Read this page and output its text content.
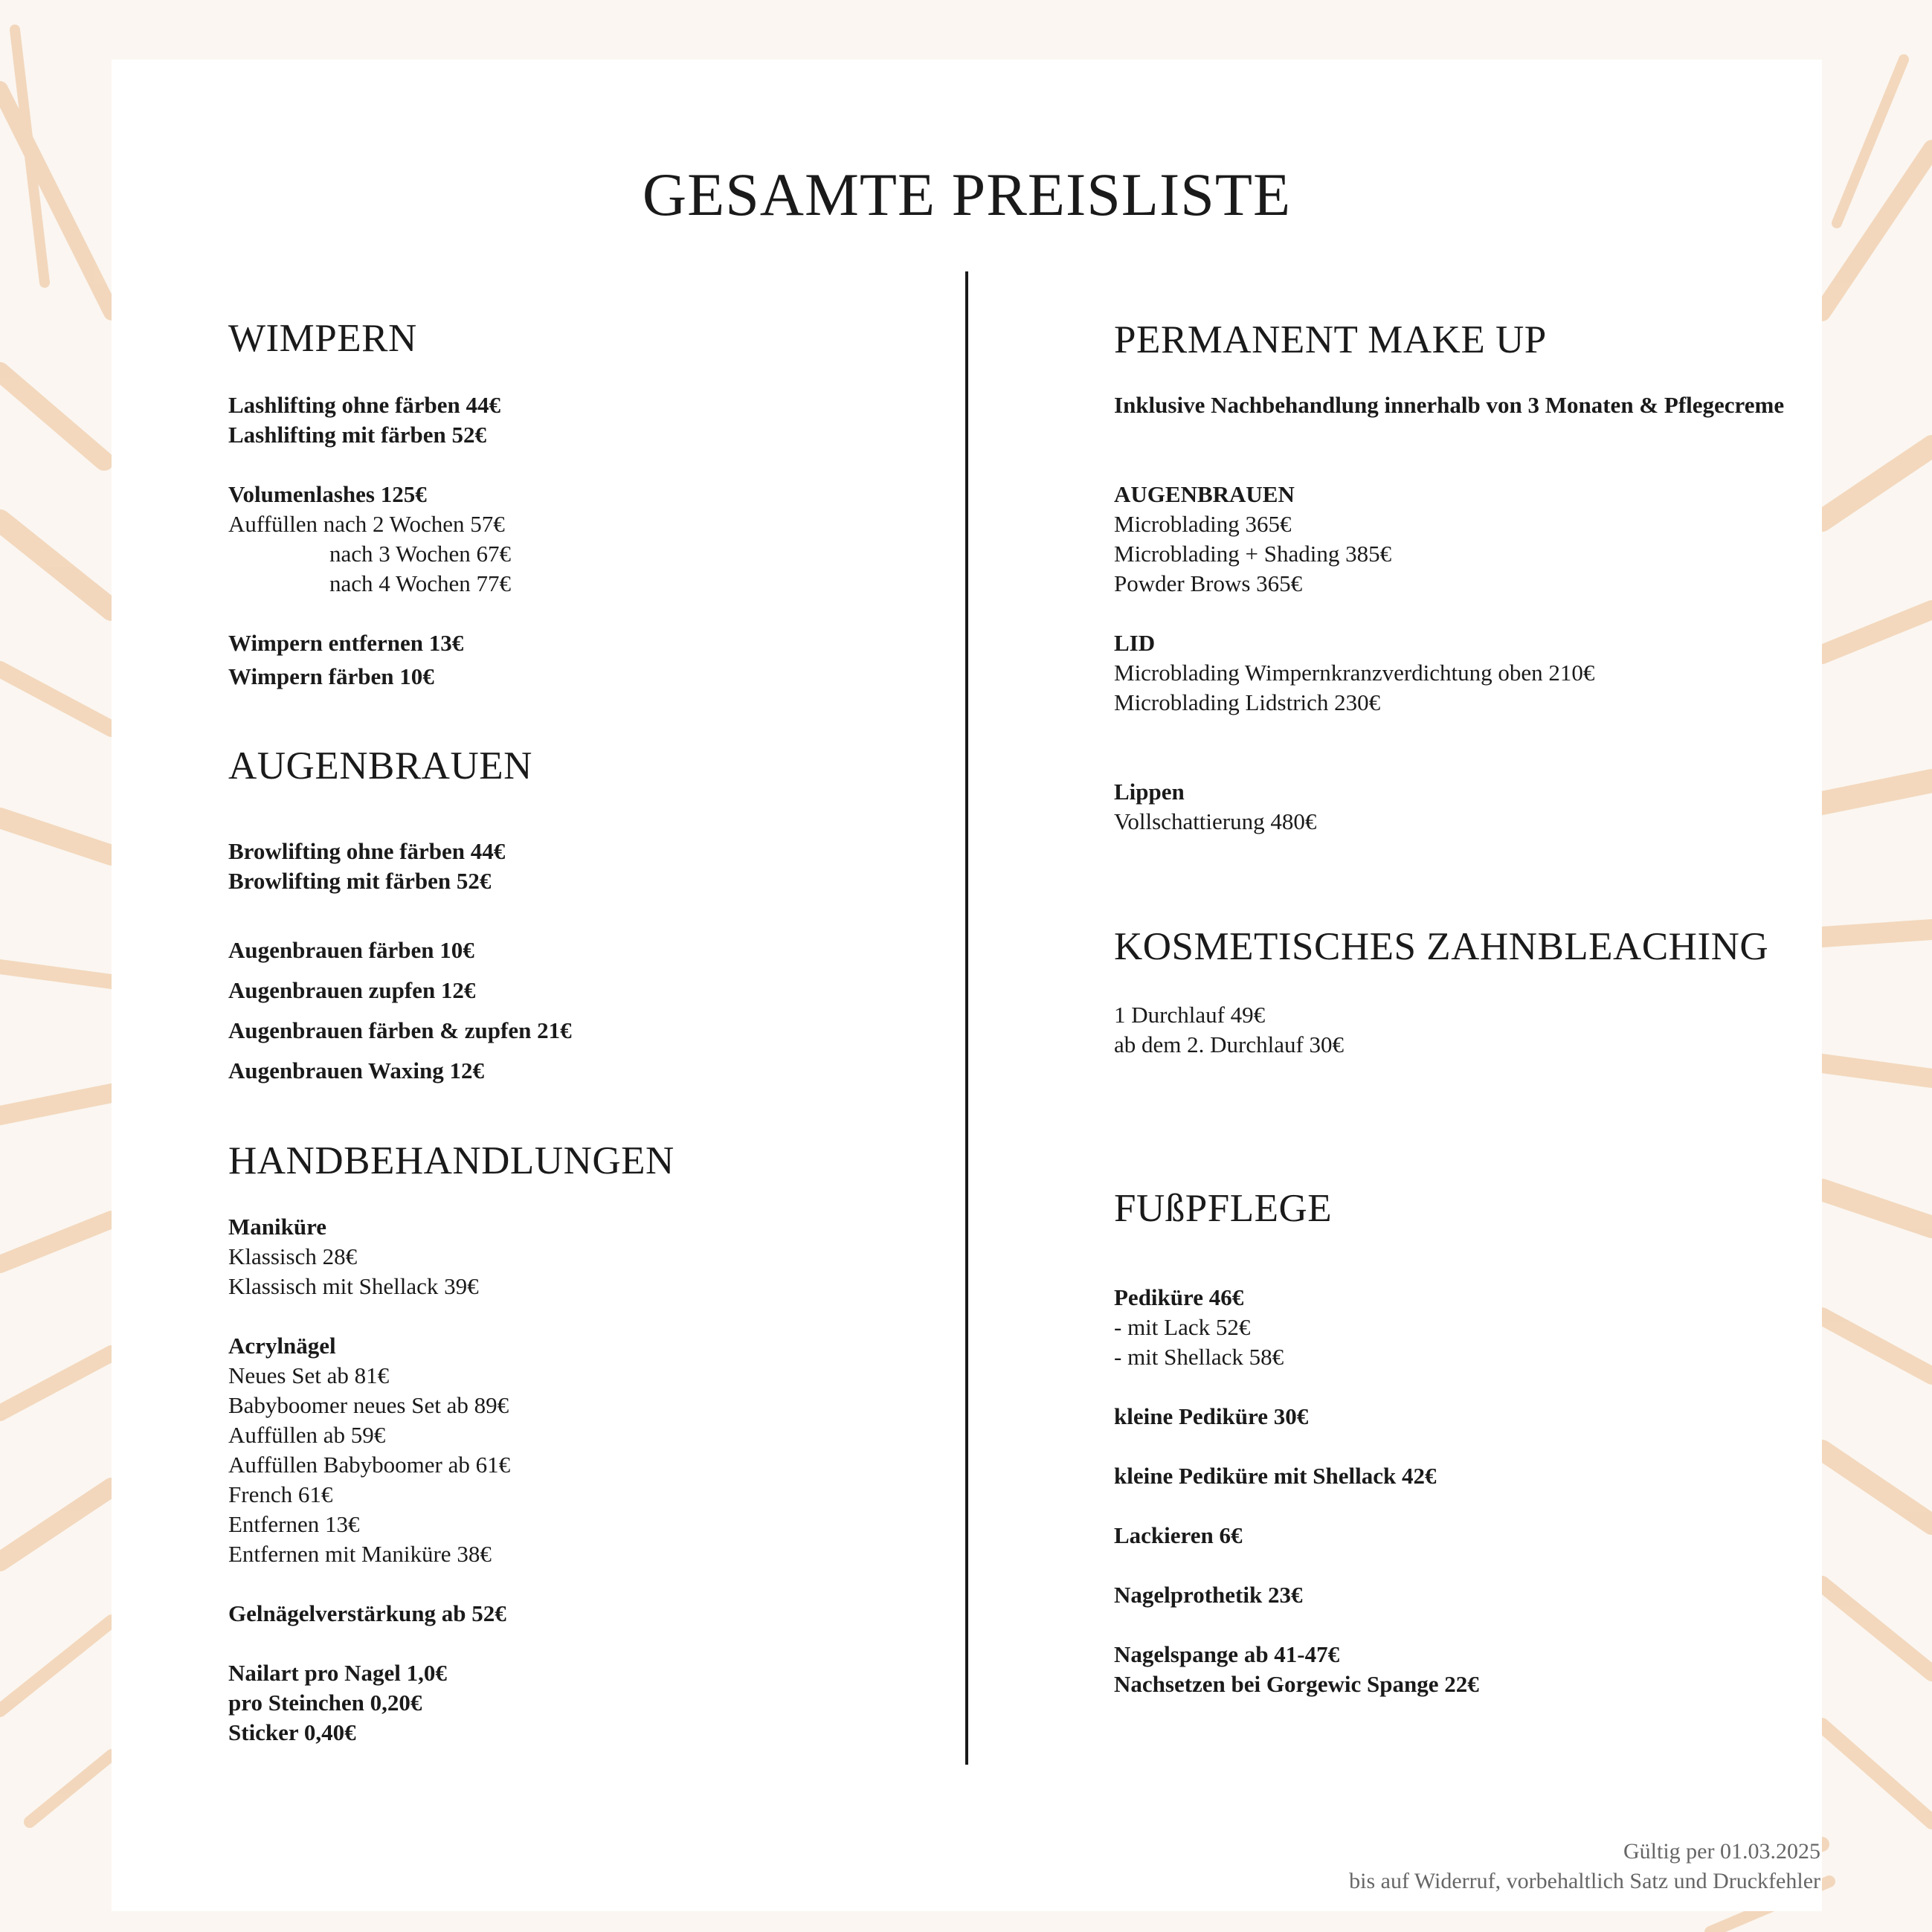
GESAMTE PREISLISTE
WIMPERN

Lashlifting ohne färben 44€

Lashlifting mit färben 52€

Volumenlashes 125€

Auffüllen nach 2 Wochen 57€

nach 3 Wochen 67€

nach 4 Wochen 77€

Wimpern entfernen 13€

Wimpern färben 10€

AUGENBRAUEN

Browlifting ohne färben 44€

Browlifting mit färben 52€

Augenbrauen färben 10€

Augenbrauen zupfen 12€

Augenbrauen färben & zupfen 21€

Augenbrauen Waxing 12€

HANDBEHANDLUNGEN

Maniküre

Klassisch 28€

Klassisch mit Shellack 39€

Acrylnägel

Neues Set ab 81€

Babyboomer neues Set ab 89€

Auffüllen ab 59€

Auffüllen Babyboomer ab 61€

French 61€

Entfernen 13€

Entfernen mit Maniküre 38€

Gelnägelverstärkung ab 52€

Nailart pro Nagel 1,0€

pro Steinchen 0,20€

Sticker 0,40€

PERMANENT MAKE UP

Inklusive Nachbehandlung innerhalb von 3 Monaten & Pflegecreme

AUGENBRAUEN

Microblading 365€

Microblading + Shading 385€

Powder Brows 365€

LID

Microblading Wimpernkranzverdichtung oben 210€

Microblading Lidstrich 230€

Lippen

Vollschattierung 480€

KOSMETISCHES ZAHNBLEACHING

1 Durchlauf 49€

ab dem 2. Durchlauf 30€

FUßPFLEGE

Pediküre 46€

- mit Lack 52€

- mit Shellack 58€

kleine Pediküre 30€

kleine Pediküre mit Shellack 42€

Lackieren 6€

Nagelprothetik 23€

Nagelspange ab 41-47€

Nachsetzen bei Gorgewic Spange 22€

Gültig per 01.03.2025
bis auf Widerruf, vorbehaltlich Satz und Druckfehler
